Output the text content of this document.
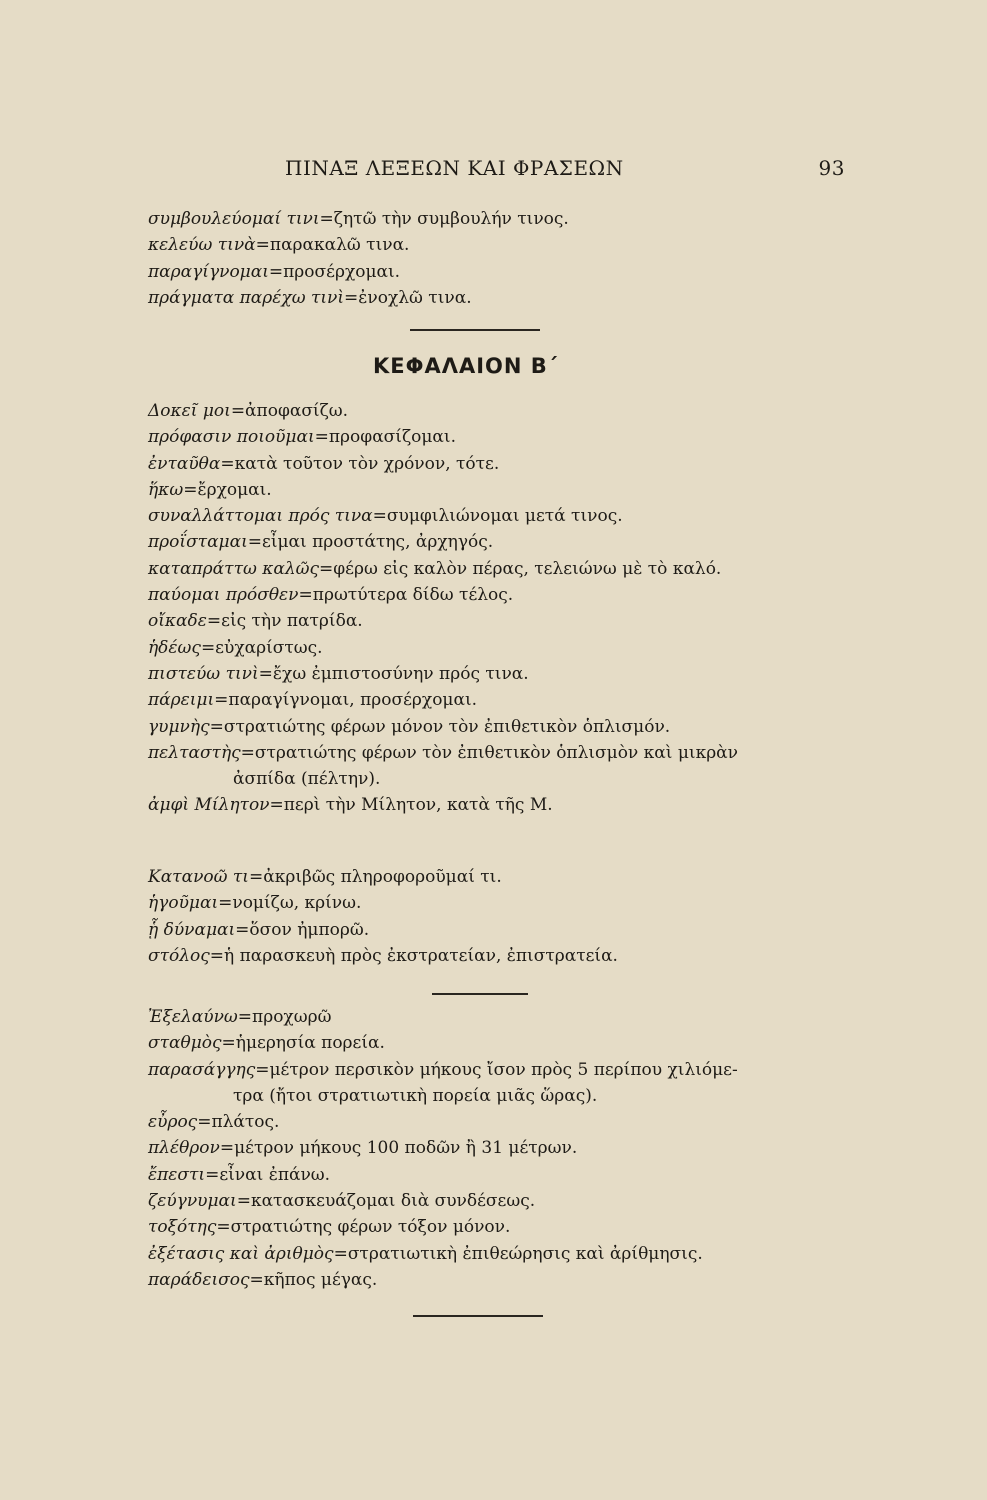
ΠΙΝΑΞ ΛΕΞΕΩΝ ΚΑΙ ΦΡΑΣΕΩΝ	93
συμβουλεύομαί τινι=ζητῶ τὴν συμβουλήν τινος.
κελεύω τινὰ=παρακαλῶ τινα.
παραγίγνομαι=προσέρχομαι.
πράγματα παρέχω τινὶ=ἐνοχλῶ τινα.
ΚΕΦΑΛΑΙΟΝ Β΄
Δοκεῖ μοι=ἀποφασίζω.
πρόφασιν ποιοῦμαι=προφασίζομαι.
ἐνταῦθα=κατὰ τοῦτον τὸν χρόνον, τότε.
ἥκω=ἔρχομαι.
συναλλάττομαι πρός τινα=συμφιλιώνομαι μετά τινος.
προΐσταμαι=εἶμαι προστάτης, ἀρχηγός.
καταπράττω καλῶς=φέρω εἰς καλὸν πέρας, τελειώνω μὲ τὸ καλό.
παύομαι πρόσθεν=πρωτύτερα δίδω τέλος.
οἴκαδε=εἰς τὴν πατρίδα.
ἡδέως=εὐχαρίστως.
πιστεύω τινὶ=ἔχω ἐμπιστοσύνην πρός τινα.
πάρειμι=παραγίγνομαι, προσέρχομαι.
γυμνὴς=στρατιώτης φέρων μόνον τὸν ἐπιθετικὸν ὁπλισμόν.
πελταστὴς=στρατιώτης φέρων τὸν ἐπιθετικὸν ὁπλισμὸν καὶ μικρὰν
ἀσπίδα (πέλτην).
ἀμφὶ Μίλητον=περὶ τὴν Μίλητον, κατὰ τῆς Μ.
Κατανοῶ τι=ἀκριβῶς πληροφοροῦμαί τι.
ἡγοῦμαι=νομίζω, κρίνω.
ᾗ δύναμαι=ὅσον ἠμπορῶ.
στόλος=ἡ παρασκευὴ πρὸς ἐκστρατείαν, ἐπιστρατεία.
Ἐξελαύνω=προχωρῶ
σταθμὸς=ἡμερησία πορεία.
παρασάγγης=μέτρον περσικὸν μήκους ἴσον πρὸς 5 περίπου χιλιόμε-
τρα (ἤτοι στρατιωτικὴ πορεία μιᾶς ὥρας).
εὖρος=πλάτος.
πλέθρον=μέτρον μήκους 100 ποδῶν ἢ 31 μέτρων.
ἔπεστι=εἶναι ἐπάνω.
ζεύγνυμαι=κατασκευάζομαι διὰ συνδέσεως.
τοξότης=στρατιώτης φέρων τόξον μόνον.
ἐξέτασις καὶ ἀριθμὸς=στρατιωτικὴ ἐπιθεώρησις καὶ ἀρίθμησις.
παράδεισος=κῆπος μέγας.
